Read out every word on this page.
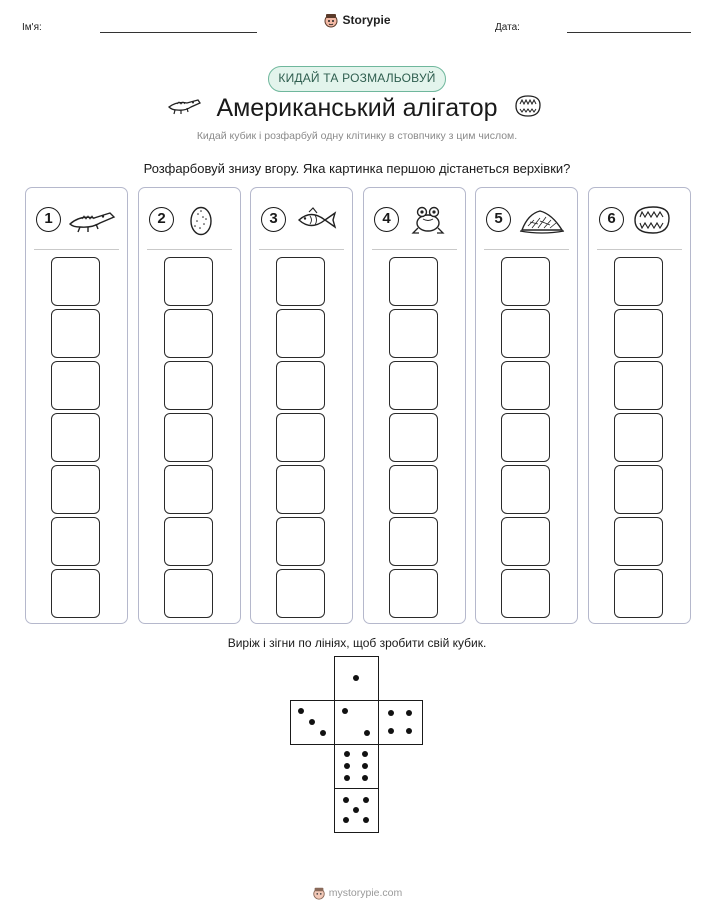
Ім'я:
Storypie
Дата:
КИДАЙ ТА РОЗМАЛЬОВУЙ
Американський алігатор
Кидай кубик і розфарбуй одну клітинку в стовпчику з цим числом.
Розфарбовуй знизу вгору. Яка картинка першою дістанеться верхівки?
1	2	3	4	5	6
Виріж і зігни по лініях, щоб зробити свій кубик.
mystorypie.com
